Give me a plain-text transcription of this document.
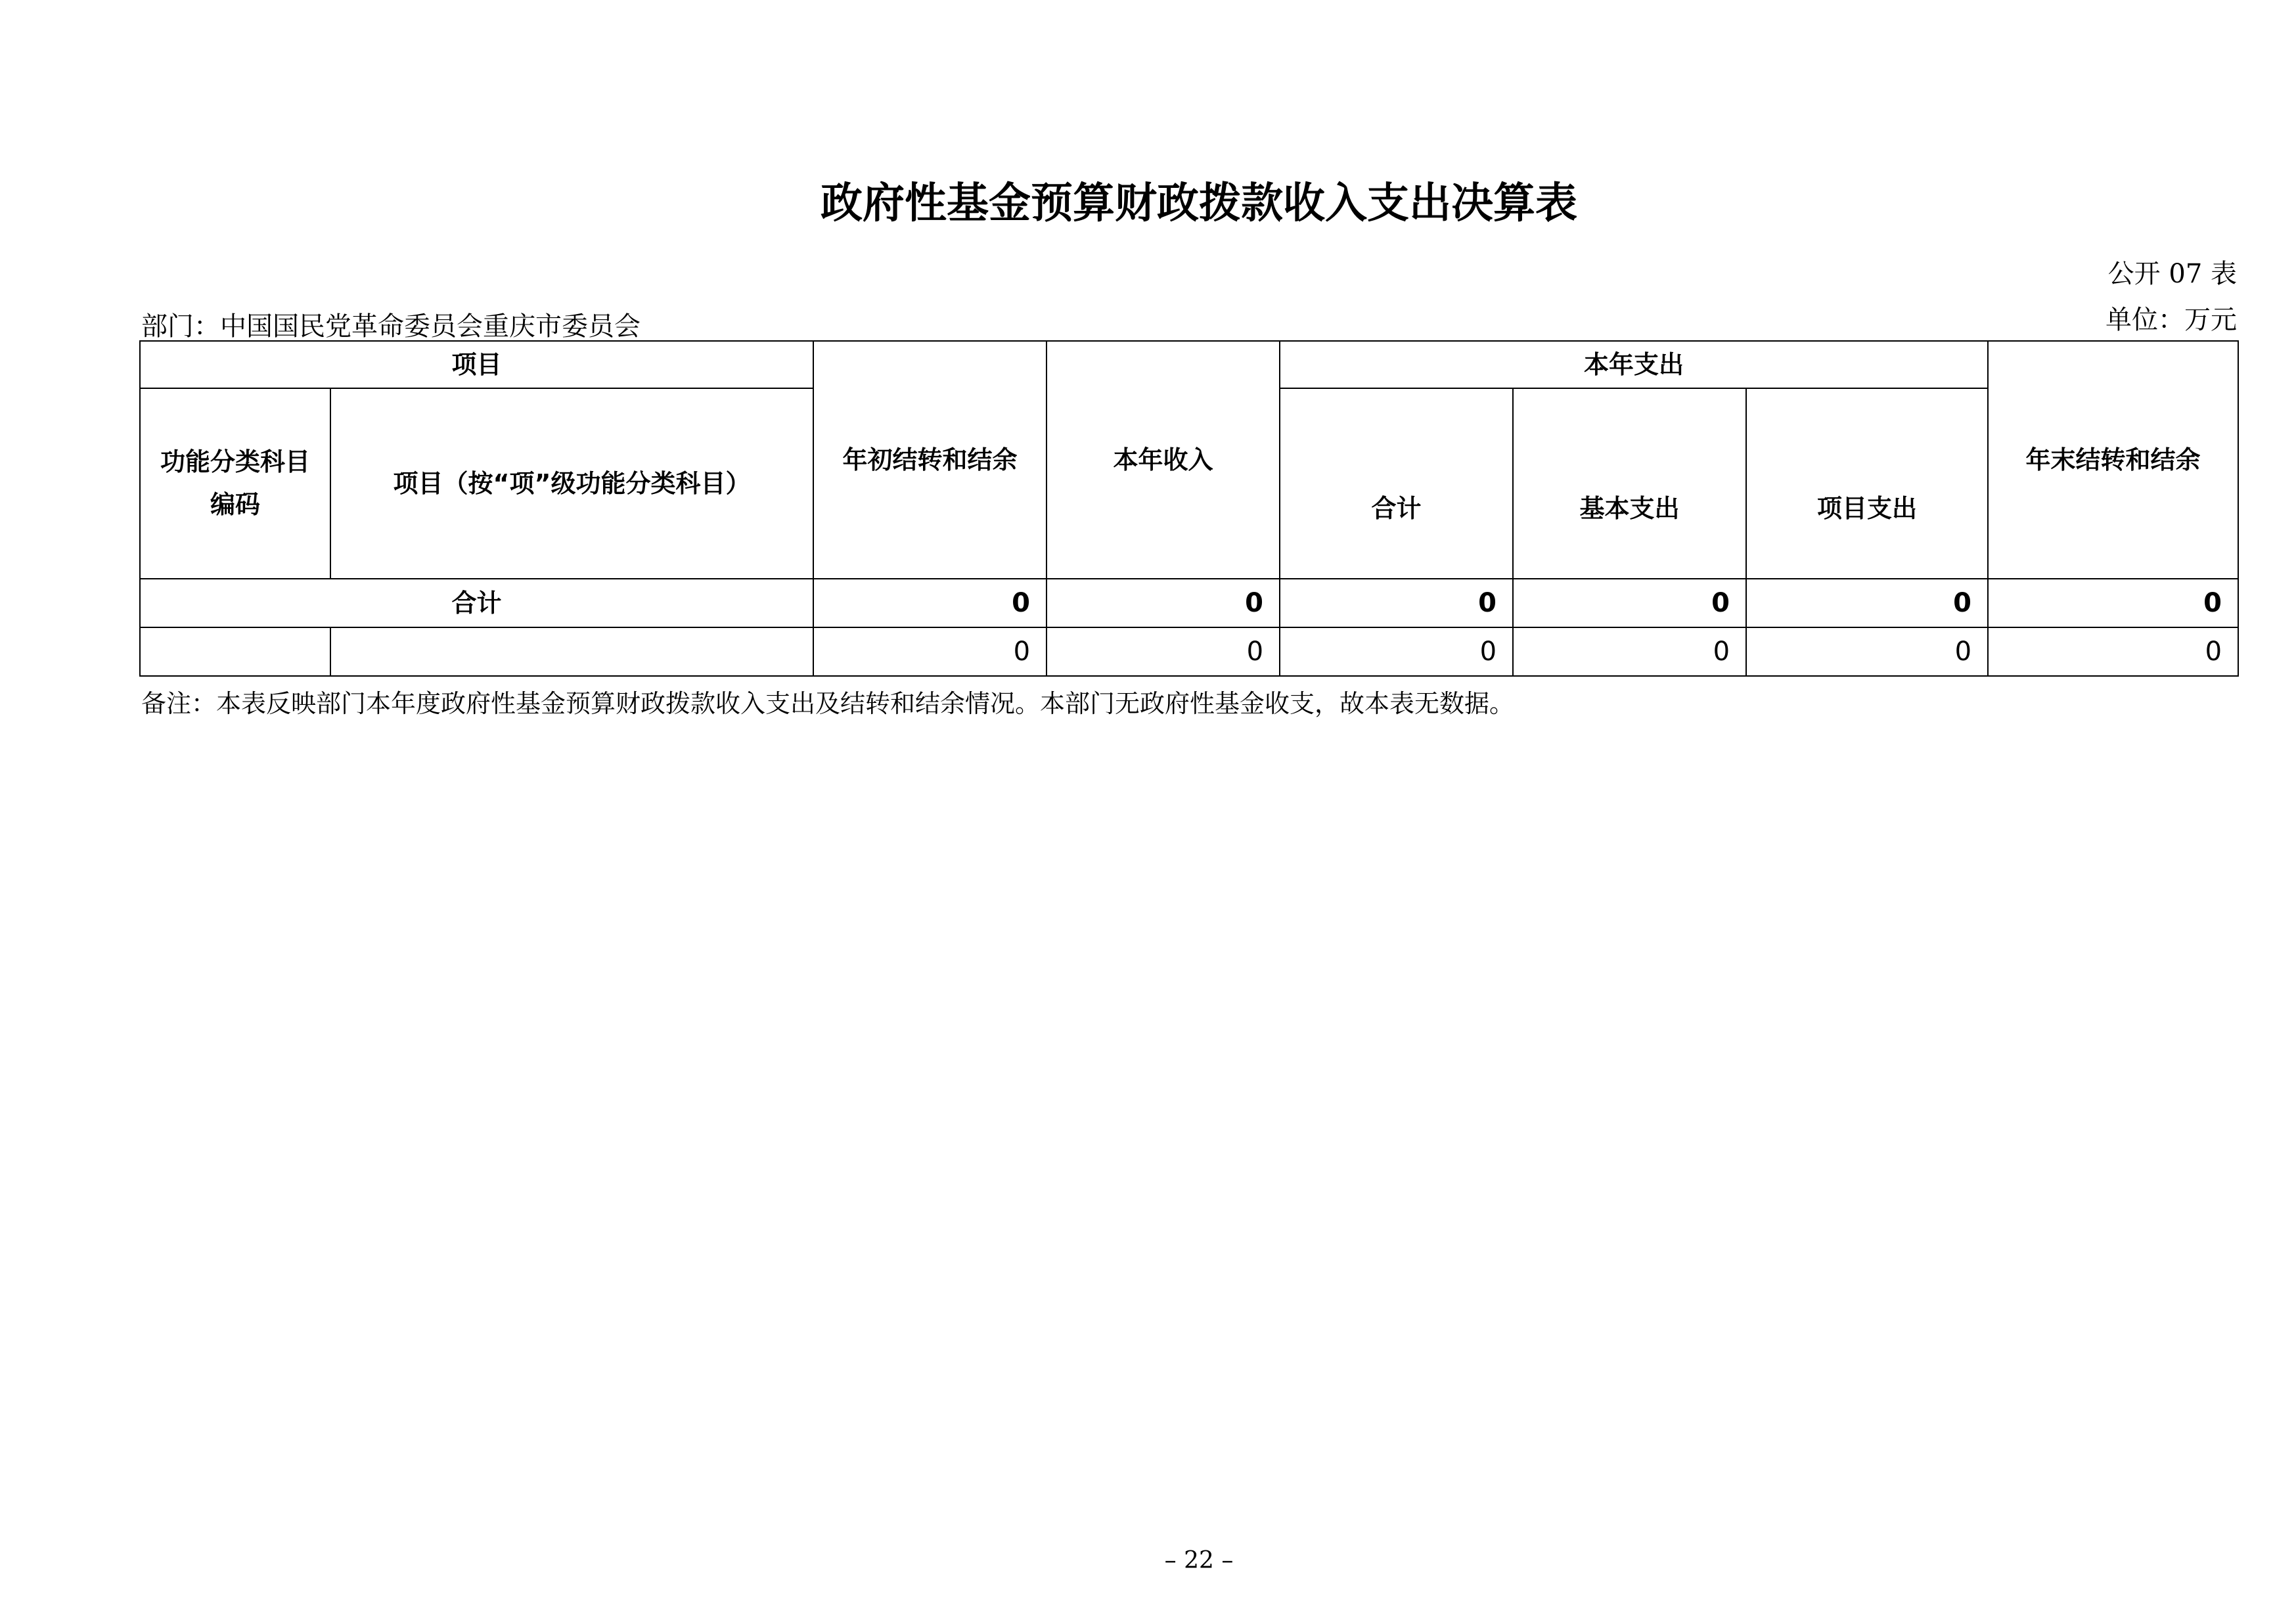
政府性基金预算财政拨款收入支出决算表
公开 07 表
部门：中国国民党革命委员会重庆市委员会	单位：万元
项目		年初结转和结余	本年收入	本年支出			年末结转和结余
功能分类科目编码	项目（按“项”级功能分类科目）			合计	基本支出	项目支出	
合计		0	0	0	0	0	0
		0	0	0	0	0	0
备注：本表反映部门本年度政府性基金预算财政拨款收入支出及结转和结余情况。本部门无政府性基金收支，故本表无数据。
– 22 –
